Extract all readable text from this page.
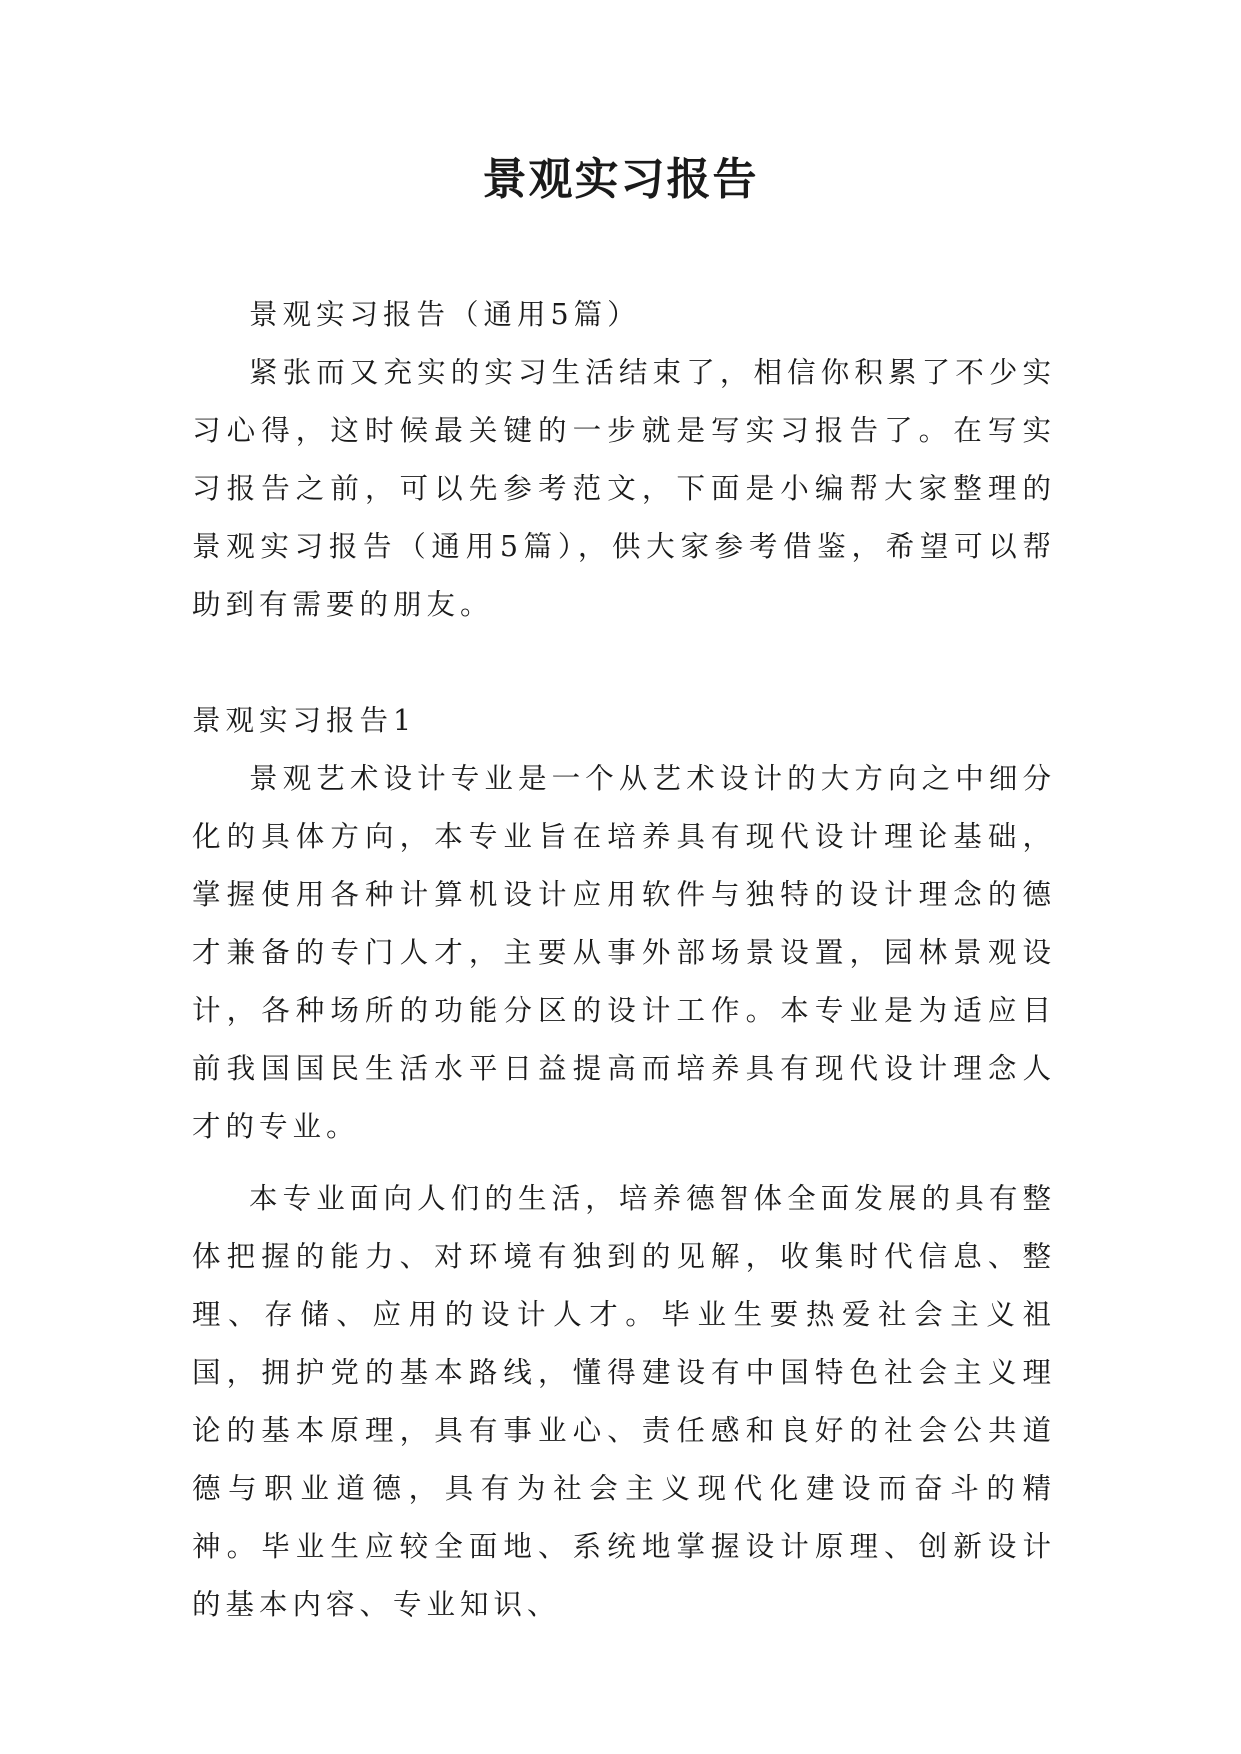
景观实习报告

景观实习报告（通用5篇）

紧张而又充实的实习生活结束了，相信你积累了不少实习心得，这时候最关键的一步就是写实习报告了。在写实习报告之前，可以先参考范文，下面是小编帮大家整理的景观实习报告（通用5篇），供大家参考借鉴，希望可以帮助到有需要的朋友。

景观实习报告1

景观艺术设计专业是一个从艺术设计的大方向之中细分化的具体方向，本专业旨在培养具有现代设计理论基础，掌握使用各种计算机设计应用软件与独特的设计理念的德才兼备的专门人才，主要从事外部场景设置，园林景观设计，各种场所的功能分区的设计工作。本专业是为适应目前我国国民生活水平日益提高而培养具有现代设计理念人才的专业。

本专业面向人们的生活，培养德智体全面发展的具有整体把握的能力、对环境有独到的见解，收集时代信息、整理、存储、应用的设计人才。毕业生要热爱社会主义祖国，拥护党的基本路线，懂得建设有中国特色社会主义理论的基本原理，具有事业心、责任感和良好的社会公共道德与职业道德，具有为社会主义现代化建设而奋斗的精神。毕业生应较全面地、系统地掌握设计原理、创新设计的基本内容、专业知识、
